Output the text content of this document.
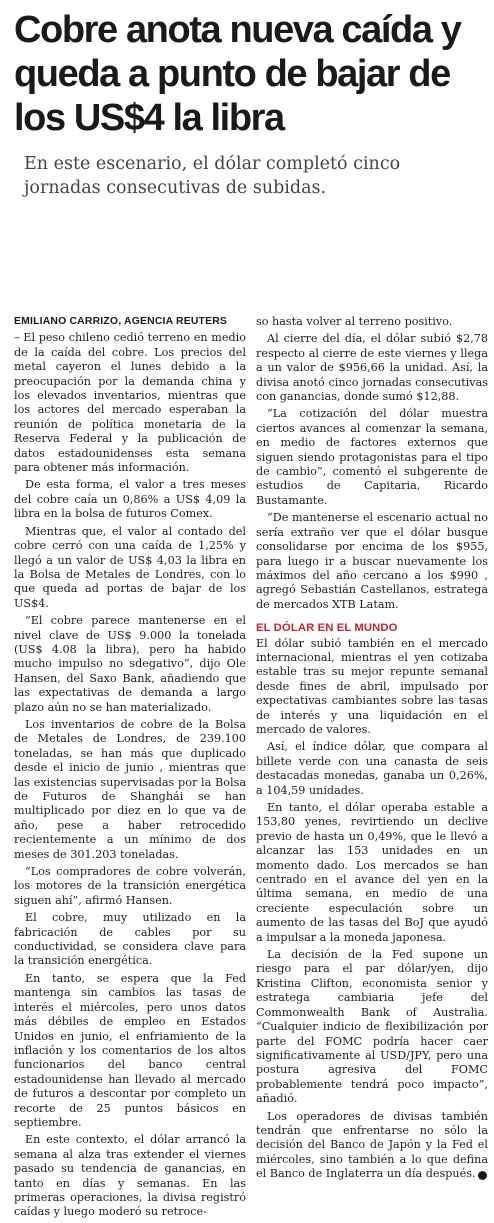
Cobre anota nueva caída y queda a punto de bajar de los US$4 la libra

En este escenario, el dólar completó cinco jornadas consecutivas de subidas.

EMILIANO CARRIZO, AGENCIA REUTERS

– El peso chileno cedió terreno en medio de la caída del cobre. Los precios del metal cayeron el lunes debido a la preocupación por la demanda china y los elevados inventarios, mientras que los actores del mercado esperaban la reunión de política monetaria de la Reserva Federal y la publicación de datos estadounidenses esta semana para obtener más información.

De esta forma, el valor a tres meses del cobre caía un 0,86% a US$ 4,09 la libra en la bolsa de futuros Comex.

Mientras que, el valor al contado del cobre cerró con una caída de 1,25% y llegó a un valor de US$ 4,03 la libra en la Bolsa de Metales de Londres, con lo que queda ad portas de bajar de los US$4.

“El cobre parece mantenerse en el nivel clave de US$ 9.000 la tonelada (US$ 4.08 la libra), pero ha habido mucho impulso no sdegativo”, dijo Ole Hansen, del Saxo Bank, añadiendo que las expectativas de demanda a largo plazo aún no se han materializado.

Los inventarios de cobre de la Bolsa de Metales de Londres, de 239.100 toneladas, se han más que duplicado desde el inicio de junio , mientras que las existencias supervisadas por la Bolsa de Futuros de Shanghái se han multiplicado por diez en lo que va de año, pese a haber retrocedido recientemente a un mínimo de dos meses de 301.203 toneladas.

“Los compradores de cobre volverán, los motores de la transición energética siguen ahí”, afirmó Hansen.

El cobre, muy utilizado en la fabricación de cables por su conductividad, se considera clave para la transición energética.

En tanto, se espera que la Fed mantenga sin cambios las tasas de interés el miércoles, pero unos datos más débiles de empleo en Estados Unidos en junio, el enfriamiento de la inflación y los comentarios de los altos funcionarios del banco central estadounidense han llevado al mercado de futuros a descontar por completo un recorte de 25 puntos básicos en septiembre.

En este contexto, el dólar arrancó la semana al alza tras extender el viernes pasado su tendencia de ganancias, en tanto en días y semanas. En las primeras operaciones, la divisa registró caídas y luego moderó su retroce-

so hasta volver al terreno positivo.

Al cierre del día, el dólar subió $2,78 respecto al cierre de este viernes y llega a un valor de $956,66 la unidad. Así, la divisa anotó cinco jornadas consecutivas con ganancias, donde sumó $12,88.

“La cotización del dólar muestra ciertos avances al comenzar la semana, en medio de factores externos que siguen siendo protagonistas para el tipo de cambio”, comentó el subgerente de estudios de Capitaria, Ricardo Bustamante.

“De mantenerse el escenario actual no sería extraño ver que el dólar busque consolidarse por encima de los $955, para luego ir a buscar nuevamente los máximos del año cercano a los $990 , agregó Sebastián Castellanos, estratega de mercados XTB Latam.

EL DÓLAR EN EL MUNDO

El dólar subió también en el mercado internacional, mientras el yen cotizaba estable tras su mejor repunte semanal desde fines de abril, impulsado por expectativas cambiantes sobre las tasas de interés y una liquidación en el mercado de valores.

Así, el índice dólar, que compara al billete verde con una canasta de seis destacadas monedas, ganaba un 0,26%, a 104,59 unidades.

En tanto, el dólar operaba estable a 153,80 yenes, revirtiendo un declive previo de hasta un 0,49%, que le llevó a alcanzar las 153 unidades en un momento dado. Los mercados se han centrado en el avance del yen en la última semana, en medio de una creciente especulación sobre un aumento de las tasas del BoJ que ayudó a impulsar a la moneda japonesa.

La decisión de la Fed supone un riesgo para el par dólar/yen, dijo Kristina Clifton, economista senior y estratega cambiaria jefe del Commonwealth Bank of Australia. “Cualquier indicio de flexibilización por parte del FOMC podría hacer caer significativamente al USD/JPY, pero una postura agresiva del FOMC probablemente tendrá poco impacto”, añadió.

Los operadores de divisas también tendrán que enfrentarse no sólo la decisión del Banco de Japón y la Fed el miércoles, sino también a lo que defina el Banco de Inglaterra un día después. P
